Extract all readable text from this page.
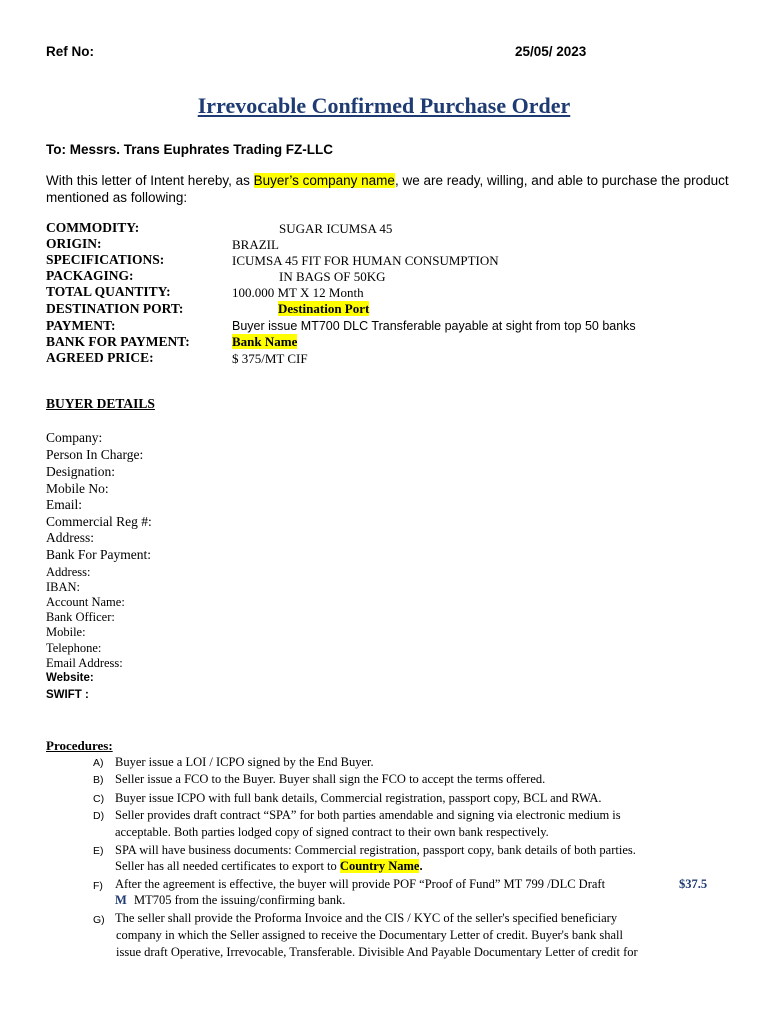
Ref No:	25/05/ 2023
Irrevocable Confirmed Purchase Order
To: Messrs. Trans Euphrates Trading FZ-LLC
With this letter of Intent hereby, as Buyer’s company name, we are ready, willing, and able to purchase the product mentioned as following:
COMMODITY:	SUGAR ICUMSA 45
ORIGIN:	BRAZIL
SPECIFICATIONS:	ICUMSA 45 FIT FOR HUMAN CONSUMPTION
PACKAGING:	IN BAGS OF 50KG
TOTAL QUANTITY:	100.000 MT X 12 Month
DESTINATION PORT:	Destination Port
PAYMENT:	Buyer issue MT700 DLC Transferable payable at sight from top 50 banks
BANK FOR PAYMENT:	Bank Name
AGREED PRICE:	$ 375/MT CIF
BUYER DETAILS
Company:
Person In Charge:
Designation:
Mobile No:
Email:
Commercial Reg #:
Address:
Bank For Payment:
Address:
IBAN:
Account Name:
Bank Officer:
Mobile:
Telephone:
Email Address:
Website:
SWIFT :
Procedures:
A) Buyer issue a LOI / ICPO signed by the End Buyer.
B) Seller issue a FCO to the Buyer. Buyer shall sign the FCO to accept the terms offered.
C) Buyer issue ICPO with full bank details, Commercial registration, passport copy, BCL and RWA.
D) Seller provides draft contract “SPA” for both parties amendable and signing via electronic medium is
acceptable. Both parties lodged copy of signed contract to their own bank respectively.
E) SPA will have business documents: Commercial registration, passport copy, bank details of both parties.
Seller has all needed certificates to export to Country Name.
F) After the agreement is effective, the buyer will provide POF “Proof of Fund” MT 799 /DLC Draft	$37.5
M MT705 from the issuing/confirming bank.
G) The seller shall provide the Proforma Invoice and the CIS / KYC of the seller's specified beneficiary
company in which the Seller assigned to receive the Documentary Letter of credit. Buyer's bank shall
issue draft Operative, Irrevocable, Transferable. Divisible And Payable Documentary Letter of credit for
